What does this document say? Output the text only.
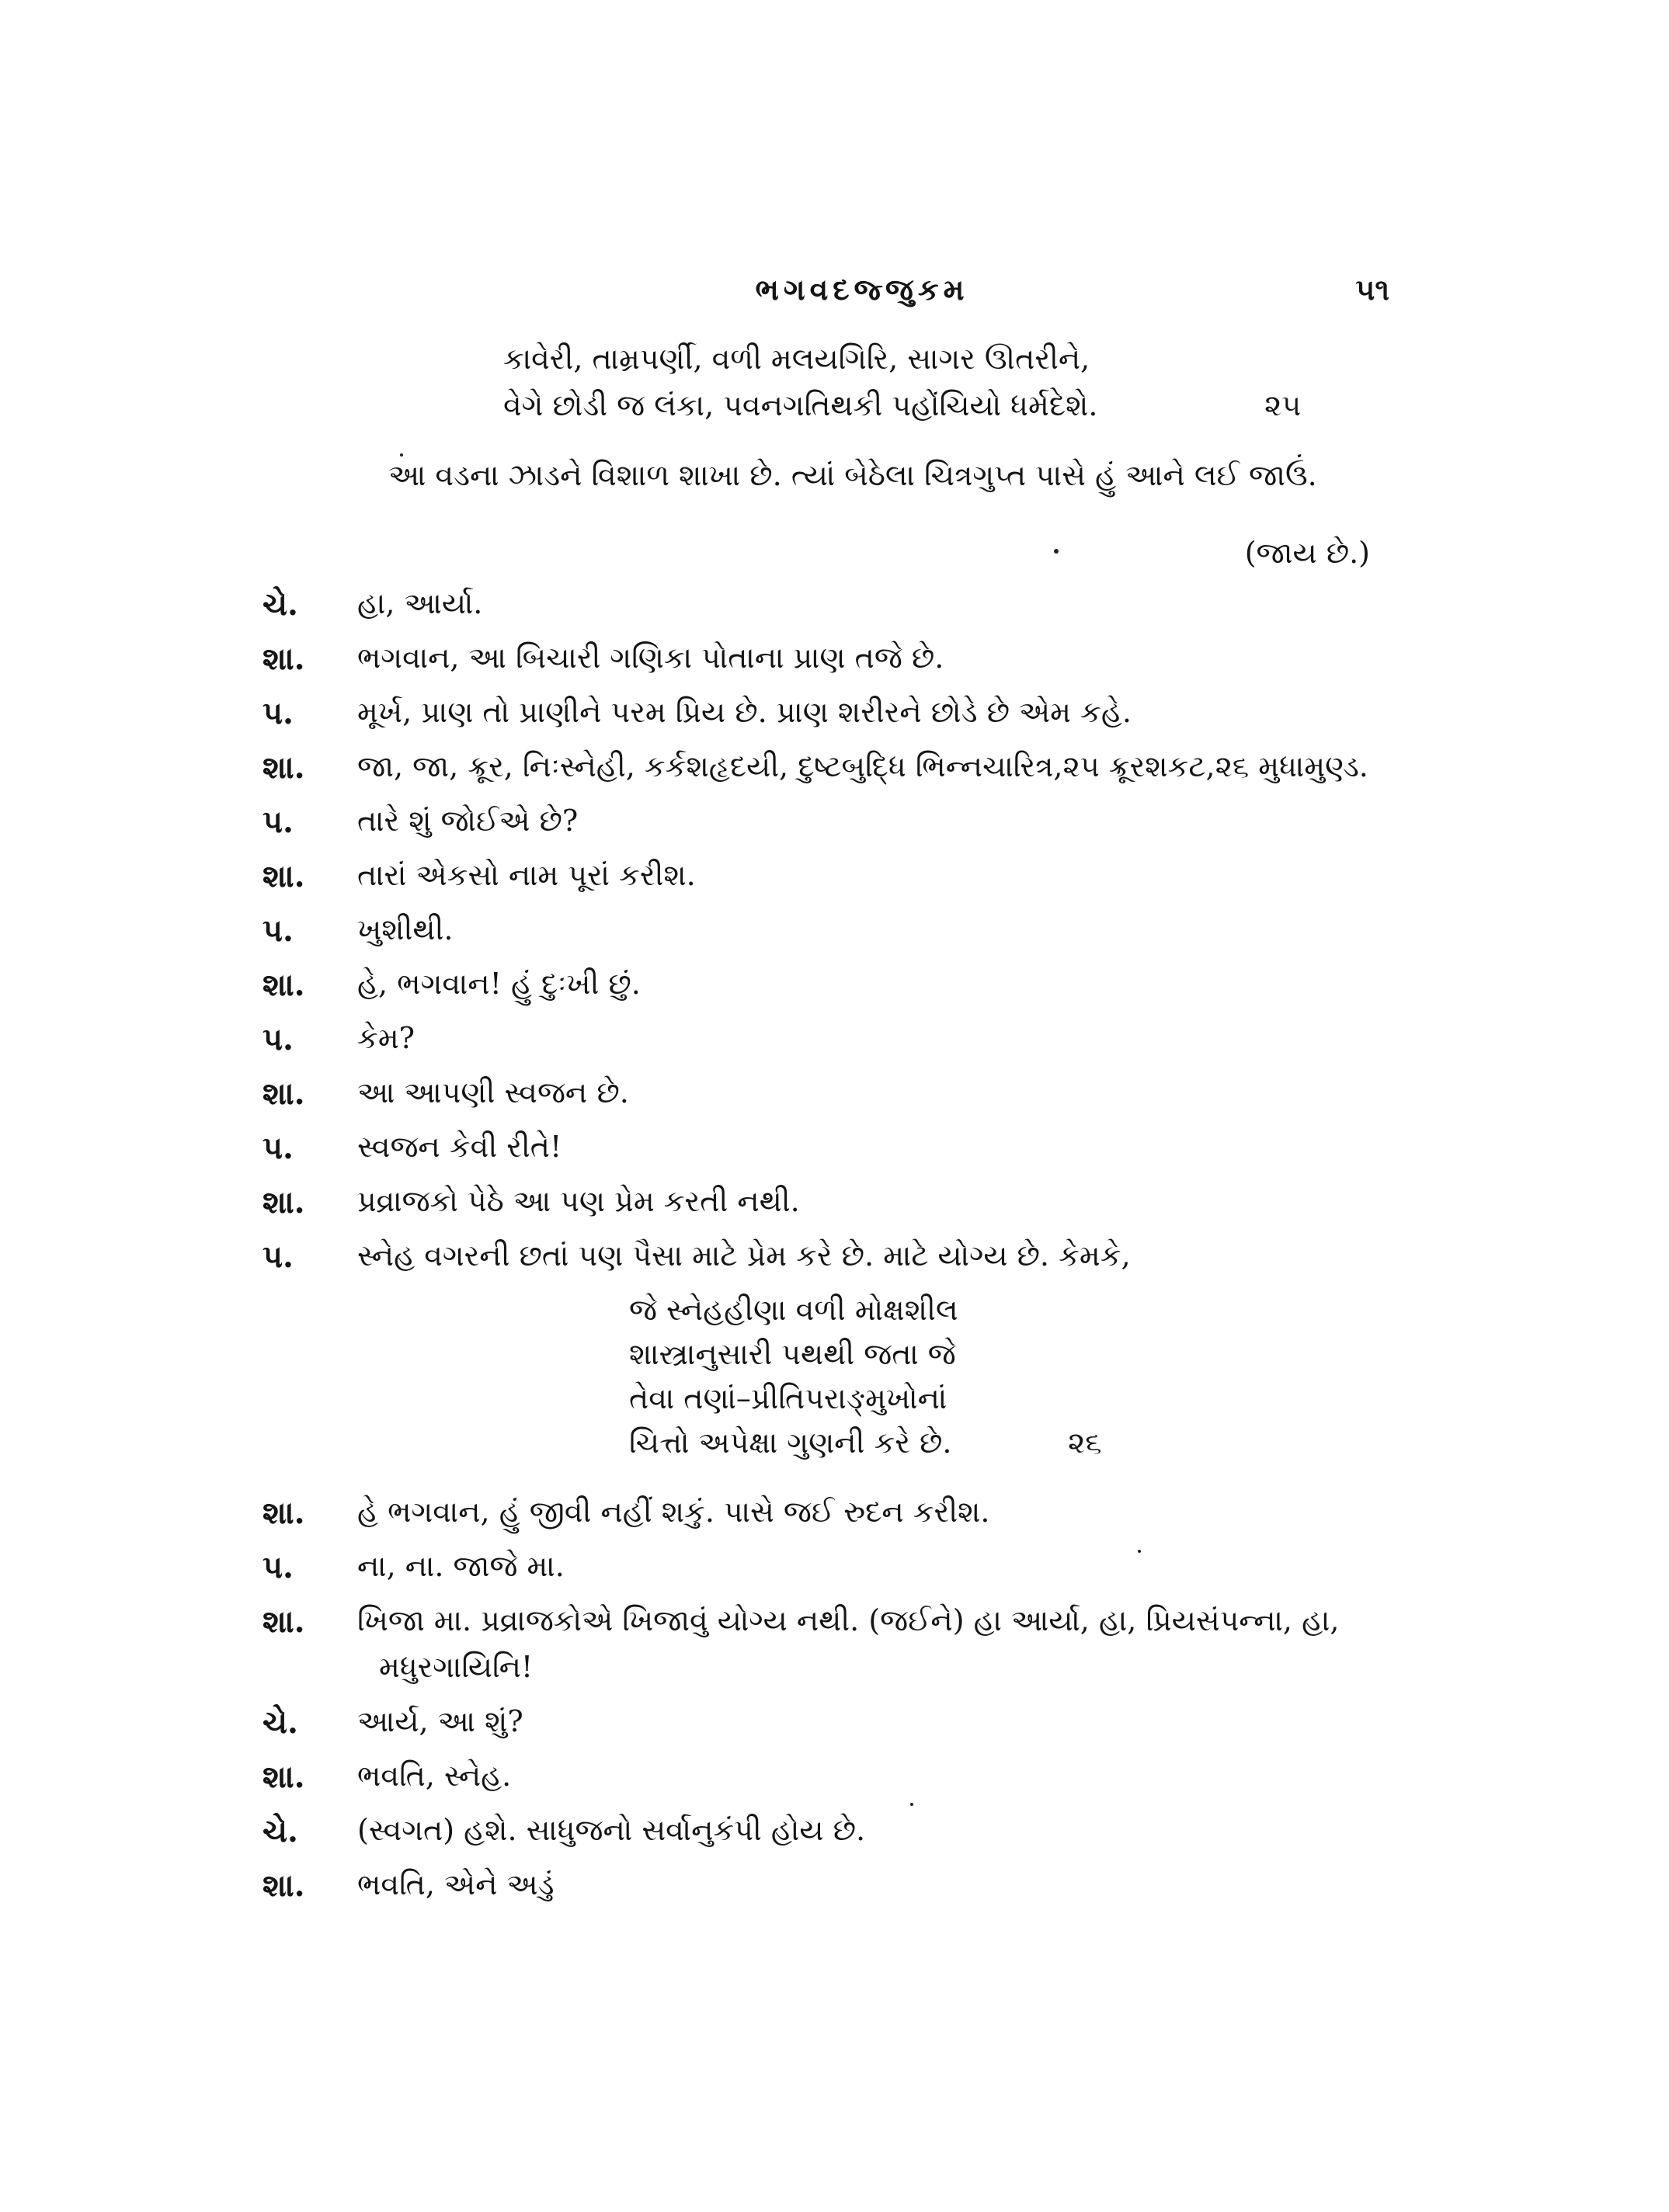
ભગવદજ્જુકમ	૫૧
કાવેરી, તામ્રપર્ણી, વળી મલયગિરિ, સાગર ઊતરીને,
વેગે છોડી જ લંકા, પવનગતિથકી પહોંચિયો ધર્મદેશે.	૨૫
આ વડના ઝાડને વિશાળ શાખા છે. ત્યાં બેઠેલા ચિત્રગુપ્ત પાસે હું આને લઈ જાઉં.
(જાય છે.)
ચે. હા, આર્યા.
શા. ભગવાન, આ બિચારી ગણિકા પોતાના પ્રાણ તજે છે.
પ. મૂર્ખ, પ્રાણ તો પ્રાણીને પરમ પ્રિય છે. પ્રાણ શરીરને છોડે છે એમ કહે.
શા. જા, જા, ક્રૂર, નિઃસ્નેહી, કર્કશહૃદયી, દુષ્ટબુદ્ધિ ભિન્નચારિત્ર,૨૫ ક્રૂરશકટ,૨૬ મુધામુણ્ડ.
પ. તારે શું જોઈએ છે?
શા. તારાં એકસો નામ પૂરાં કરીશ.
પ. ખુશીથી.
શા. હે, ભગવાન! હું દુઃખી છું.
પ. કેમ?
શા. આ આપણી સ્વજન છે.
પ. સ્વજન કેવી રીતે!
શા. પ્રવ્રાજકો પેઠે આ પણ પ્રેમ કરતી નથી.
પ. સ્નેહ વગરની છતાં પણ પૈસા માટે પ્રેમ કરે છે. માટે યોગ્ય છે. કેમકે,
જે સ્નેહહીણા વળી મોક્ષશીલ
શાસ્ત્રાનુસારી પથથી જતા જે
તેવા તણાં–પ્રીતિપરાઙ્મુખોનાં
ચિત્તો અપેક્ષા ગુણની કરે છે.	૨૬
શા. હે ભગવાન, હું જીવી નહીં શકું. પાસે જઈ રુદન કરીશ.
પ. ના, ના. જાજે મા.
શા. ખિજા મા. પ્રવ્રાજકોએ ખિજાવું યોગ્ય નથી. (જઈને) હા આર્યા, હા, પ્રિયસંપન્ના, હા,
મધુરગાયિનિ!
ચે. આર્ય, આ શું?
શા. ભવતિ, સ્નેહ.
ચે. (સ્વગત) હશે. સાધુજનો સર્વાનુકંપી હોય છે.
શા. ભવતિ, એને અડું
